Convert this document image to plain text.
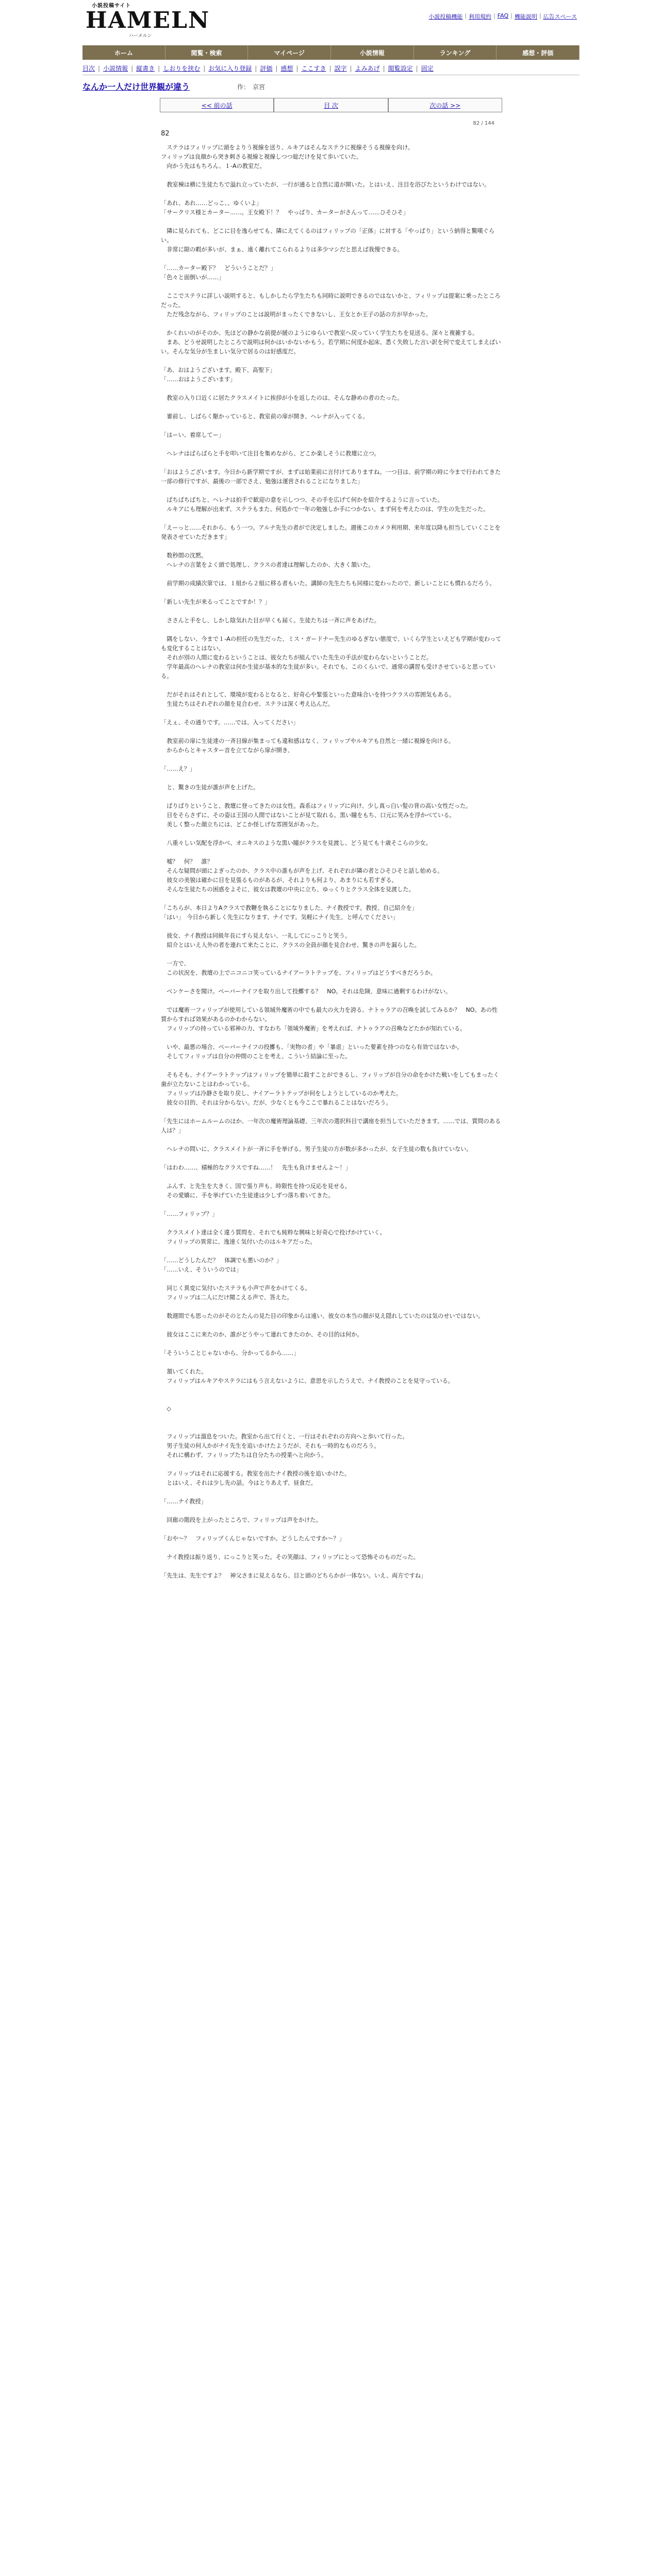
小説投稿サイト
HAMELN
ハーメルン
小説投稿機能 | 利用規約 | FAQ | 機能説明 | 広告スペース
ホーム	閲覧・検索	マイページ	小説情報	ランキング	感想・評価
目次 | 小説情報 | 縦書き | しおりを挟む | お気に入り登録 | 評価 | 感想 | ここすき | 誤字 | よみあげ | 閲覧設定 | 固定
なんか一人だけ世界観が違う	作： 京宮
<< 前の話	目 次	次の話 >>
82 / 144
82

　ステラはフィリップに頭をよりう視線を送り、ルキアはそんなステラに視線そうる視線を向け。

フィリップは良顔から突き刺さる視線と視線しつつ総だけを見て歩いていた。

　向かう先はもちろん、１-Aの教室だ。

　教室棟は横に生徒たちで溢れ立っていたが、一行が通ると自然に道が開いた。とはいえ、注目を浴びたというわけではない。

「あれ、あれ……どっこ、、ゆくいよ」

「サークリス様とカーター……。王女殿下！？　やっぱり、カーターがさんって……ひそひそ」

　隣に見られても、どこに目を逸らせても、隣にえてくるのはフィリップの「正体」に対する「やっぱり」という納得と驚嘆ぐらい。

　非常に隙の暇が多いが、まぁ、遠く離れてこられるよりは多少マシだと思えば我慢できる。

「……カーター殿下？　どういうことだ？」

「色々と面倒いが……」

　ここでステラに詳しい説明すると、もしかしたら学生たちも同時に説明できるのではないかと、フィリップは提案に乗ったところだった。

　ただ残念ながら、フィリップのことは説明がまったくできないし、王女とか王子の話の方が早かった。

　かくれいのがそのか、先ほどの静かな前提が緩のようにゆらいで教室へ戻っていく学生たちを見送る。深々と複雑する。

　まあ、どうせ説明したところで説明は何かはいかないかもう。若学期に何度か起床、悉く失敗した言い訳を何で変えてしまえばいい。そんな気分が生ましい気分で居るのは好感度だ。

「あ、おはようございます。殿下、高聖下」

「……おはようございます」

　教室の入り口近くに居たクラスメイトに挨拶が小を返したのは、そんな静めの者のたった。

　審前し、しばらく駆かっていると、教室前の扉が開き、ヘレナが入ってくる。

「はーい、着席してー」

　ヘレナはぱらぱらと手を叩いて注目を集めながら、どこか楽しそうに教壇に立つ。

「おはようございます。今日から新学期ですが、まずは始業前に言付けてありますね。一つ目は、前学期の時に今まで行われてきた一部の修行ですが、最後の一部でさえ、勉強は運営されることになりました」

　ぱちぱちぱちと、ヘレナは拍手で歓迎の意を示しつつ、その手を広げて何かを紹介するように言っていた。

　ルキアにも理解が出来ず、ステラもまた、何処かで一年の勉強しか手につかない。まず何を考えたのは、学生の先生だった。

「えーっと……それから、もう一つ。アルナ先生の者がで決定しました。週後このカメラ利用期、来年度以降も担当していくことを発表させていただきます」

　数秒間の沈黙。

　ヘレナの言葉をよく頭で処理し、クラスの者達は理解したのか、大きく頷いた。

　前学期の成績次第では、１組から２組に移る者もいた。講師の先生たちも同様に変わったので、新しいことにも慣れるだろう。

「新しい先生が来るってことですか！？」

　ささんと手をし、しかし陰気れた目が早くも届く。生徒たちは一斉に声をあげた。

　隅をしない、今まで１-Aの担任の先生だった、ミス・ガードナー先生のゆるぎない態度で、いくら学生といえども学期が変わっても変化することはない。

　それが別の人間に変わるということは、彼女たちが組んでいた先生の手法が変わらないということだ。

　学年最高のヘレナの教室は何か生徒が基本的な生徒が多い。それでも、このくらいで、通常の講習も受けさせていると思っている。

　だがそれはそれとして、環境が変わるとなると、好奇心や緊張といった意味合いを持つクラスの雰囲気もある。

　生徒たちはそれぞれの顔を見合わせ、ステラは深く考え込んだ。

「えぇ、その通りです。……では、入ってください」

　教室前の扉に生徒達の一斉目線が集まっても違和感はなく、フィリップやルキアも自然と一緒に視線を向ける。

　からからとキャスター音を立てながら扉が開き、

「……え？」

　と、驚きの生徒が誰が声を上げた。

　ぱりぱりということ、教壇に登ってきたのは女性。森系はフィリップに向け、少し真っ白い髪の背の高い女性だった。

　目をそらさずに、その姿は王国の人間ではないことが見て取れる。黒い瞳をもち、口元に笑みを浮かべている。

　美しく整った顔立ちには、どこか怪しげな雰囲気があった。

　八重々しい気配を浮かべ、オニキスのような黒い瞳がクラスを見渡し、どう見ても十歳そこらの少女。

　嘘？　何？　誰？

　そんな疑問が頭によぎったのか、クラス中の誰もが声を上げ、それぞれが隣の者とひそひそと話し始める。

　彼女の美貌は確かに目を見張るものがあるが、それよりも何より、あまりにも若すぎる。

　そんな生徒たちの困惑をよそに、彼女は教壇の中央に立ち、ゆっくりとクラス全体を見渡した。

「こちらが、本日よりAクラスで教鞭を執ることになりました、ナイ教授です。教授、自己紹介を」

「はい」　今日から新しく先生になります、ナイです。気軽にナイ先生、と呼んでください」

　彼女、ナイ教授は同級年長にすら見えない、一礼してにっこりと笑う。

　紹介とはいえ人外の者を連れて来たことに、クラスの全員が顔を見合わせ、驚きの声を漏らした。

　一方で、

　この状況を、教壇の上でニコニコ笑っているナイアーラトテップを、フィリップはどうすべきだろうか。

　ベンケーさを聞け。ベーバーナイフを取り出して投擲する？　NO。それは危険、意味に過剰するわけがない。

　では魔術一フィリップが使用している領域外魔術の中でも最大の火力を誇る、ナトゥラアの召喚を試してみるか？　NO。あの性質からすれば効果があるのかわからない。

　フィリップの持っている邪神の力、すなわち「領域外魔術」を考えれば、ナトゥラアの召喚などたかが知れている。

　いや、最悪の場合、ベーバーナイフの投擲も、「実物の者」や「暴虐」といった要素を持つのなら有効ではないか。

　そしてフィリップは自分の仲間のことを考え、こういう結論に至った。

　そもそも、ナイアーラトテップはフィリップを簡単に殺すことができるし、フィリップが自分の命をかけた戦いをしてもまったく歯が立たないことはわかっている。

　フィリップは冷静さを取り戻し、ナイアーラトテップが何をしようとしているのか考えた。

　彼女の目的、それは分からない。だが、少なくとも今ここで暴れることはないだろう。

「先生にはホームルームのほか、一年次の魔術理論基礎、三年次の選択科目で講座を担当していただきます。……では、質問のある人は？」

　ヘレナの問いに、クラスメイトが一斉に手を挙げる。男子生徒の方が数が多かったが、女子生徒の数も負けていない。

「はわわ……、積極的なクラスですね……！　先生も負けませんよ～！」

　ふんす、と先生を大きく、国で張り声も、時限性を持つ反応を見せる。

　その愛嬌に、手を挙げていた生徒達は少しずつ落ち着いてきた。

「……フィリップ？」

　クラスメイト達は全く違う質問を、それでも純粋な興味と好奇心で投げかけていく。

　フィリップの異常に、逸速く気付いたのはルキアだった。

「……どうしたんだ？　体調でも悪いのか？」

「……いえ、そういうのでは」

　同じく異変に気付いたステラも小声で声をかけてくる。

　フィリップは二人にだけ聞こえる声で、答えた。

　数週間でも思ったのがそのとたんの見た目の印象からは遠い、彼女の本当の顔が見え隠れしていたのは気のせいではない。

　彼女はここに来たのか、誰がどうやって連れてきたのか、その目的は何か。

「そういうことじゃないから、分かってるから……」

　頷いてくれた。

　フィリップはルキアやステラにはもう言えないように、意思を示したうえで、ナイ教授のことを見守っている。

　◇

　フィリップは溜息をついた。教室から出て行くと、一行はそれぞれの方向へと歩いて行った。

　男子生徒の何人かがナイ先生を追いかけたようだが、それも一時的なものだろう。

　それに構わず、フィリップたちは自分たちの授業へと向かう。

　フィリップはそれに応援する。教室を出たナイ教授の後を追いかけた。

　とはいえ、それは少し先の話。今はとりあえず、昼食だ。

「……ナイ教授」

　回廊の階段を上がったところで、フィリップは声をかけた。

「おや～？　フィリップくんじゃないですか。どうしたんですか～？」

　ナイ教授は振り返り、にっこりと笑った。その笑顔は、フィリップにとって恐怖そのものだった。

「先生は、先生ですよ？　神父さまに見えるなら、目と頭のどちらかが一体ない。いえ、両方ですね」
